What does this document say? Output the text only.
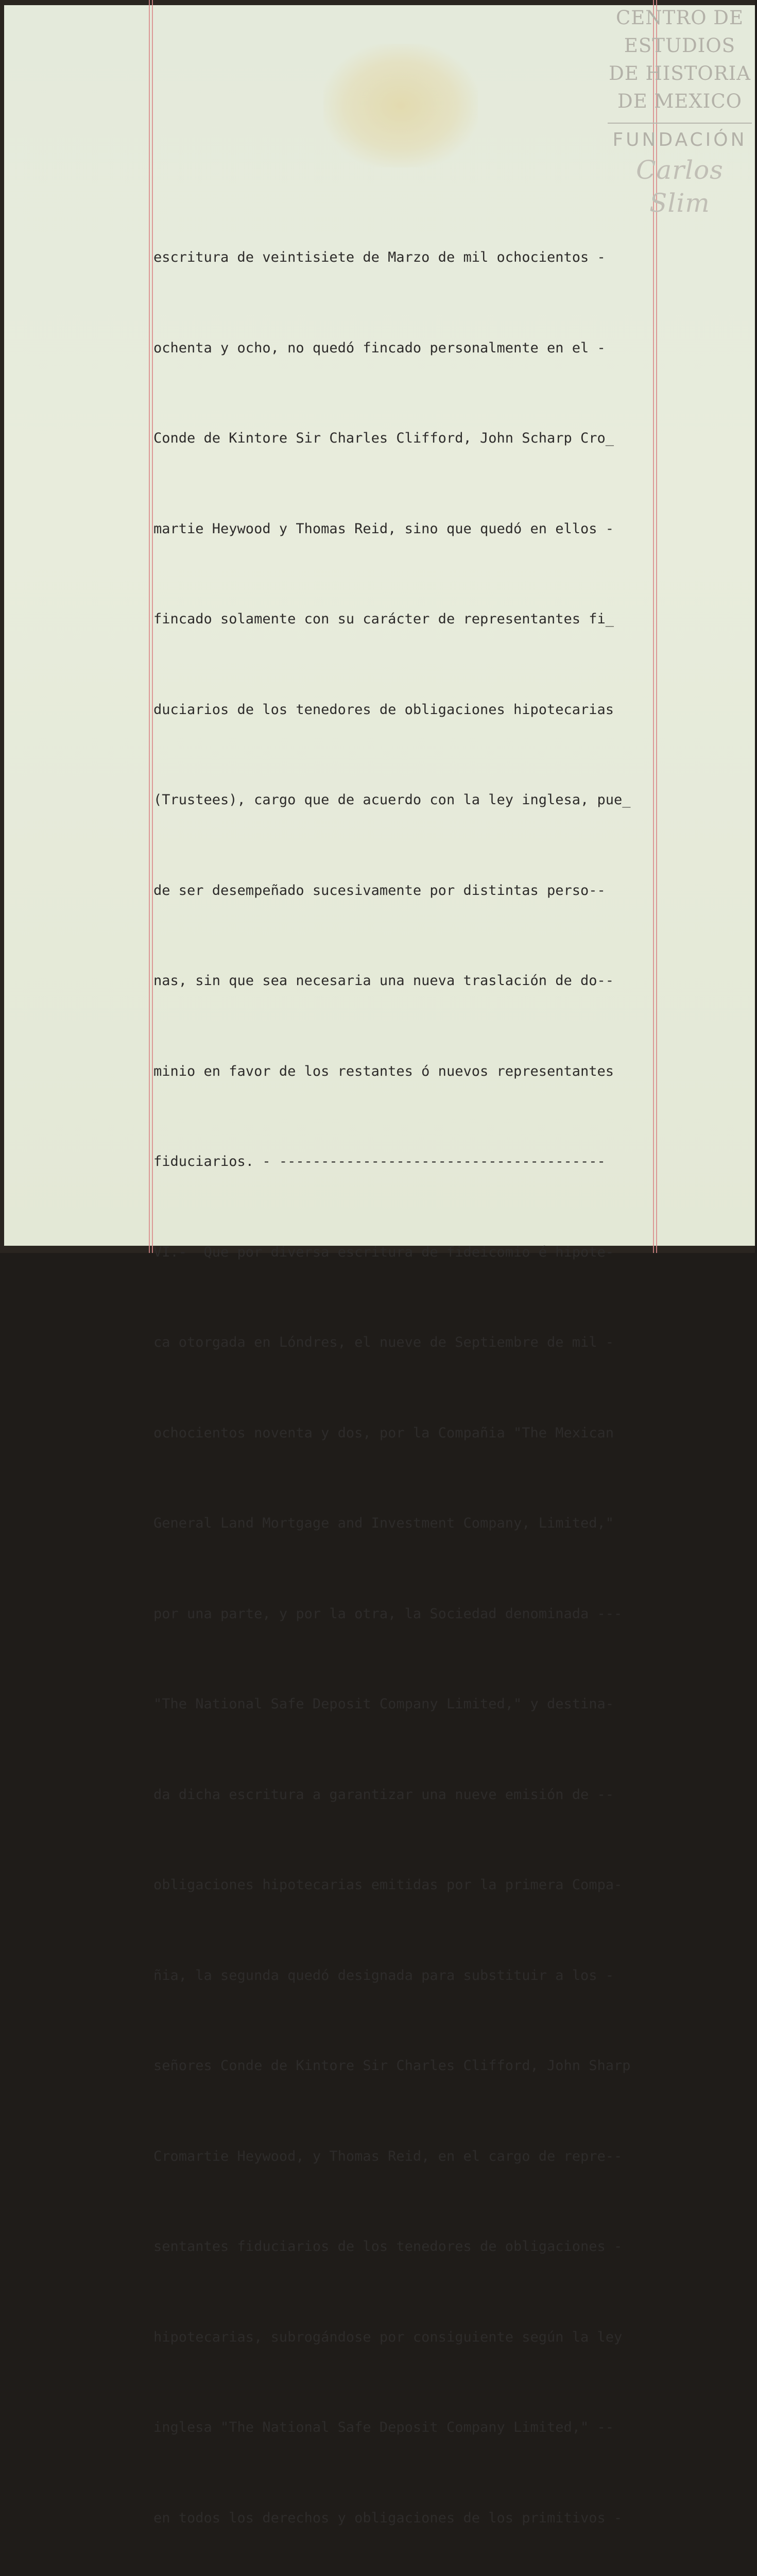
CENTRO DE
ESTUDIOS
DE HISTORIA
DE MEXICO
FUNDACIÓN
Carlos Slim

escritura de veintisiete de Marzo de mil ochocientos -

ochenta y ocho, no quedó fincado personalmente en el -

Conde de Kintore Sir Charles Clifford, John Scharp Cro_

martie Heywood y Thomas Reid, sino que quedó en ellos -

fincado solamente con su carácter de representantes fi_

duciarios de los tenedores de obligaciones hipotecarias

(Trustees), cargo que de acuerdo con la ley inglesa, pue_

de ser desempeñado sucesivamente por distintas perso--

nas, sin que sea necesaria una nueva traslación de do--

minio en favor de los restantes ó nuevos representantes

fiduciarios. - ---------------------------------------

VI.-  Que por diversa escritura de fideicomio é hipote-

ca otorgada en Lóndres, el nueve de Septiembre de mil -

ochocientos noventa y dos, por la Compañia "The Mexican

General Land Mortgage and Investment Company, Limited,"

por una parte, y por la otra, la Sociedad denominada ---

"The National Safe Deposit Company Limited," y destina-

da dicha escritura a garantizar una nueve emisión de --

obligaciones hipotecarias emitidas por la primera Compa-

ñia, la segunda quedó designada para substituir a los -

señores Conde de Kintore Sir Charles Clifford, John Sharp

Cromartie Heywood, y Thomas Reid, en el cargo de repre--

sentantes fiduciarios de los tenedores de obligaciones -

hipotecarias, subrogándose por consiguiente según la ley

inglesa "The National Safe Deposit Company Limited," --

en todos los derechos y obligaciones de los primitivos -
